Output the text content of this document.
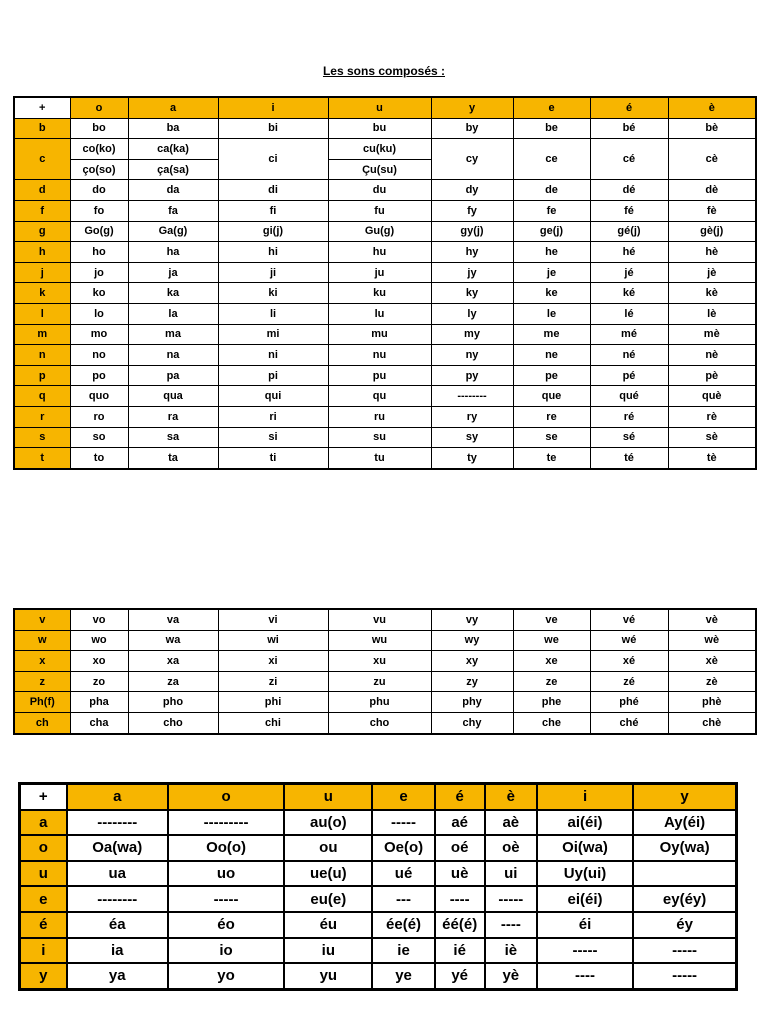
Les sons composés :
+	o	a	i	u	y	e	é	è
b	bo	ba	bi	bu	by	be	bé	bè
c	co(ko)	ca(ka)	ci	cu(ku)	cy	ce	cé	cè
	ço(so)	ça(sa)		Çu(su)				
d	do	da	di	du	dy	de	dé	dè
f	fo	fa	fi	fu	fy	fe	fé	fè
g	Go(g)	Ga(g)	gi(j)	Gu(g)	gy(j)	ge(j)	gé(j)	gè(j)
h	ho	ha	hi	hu	hy	he	hé	hè
j	jo	ja	ji	ju	jy	je	jé	jè
k	ko	ka	ki	ku	ky	ke	ké	kè
l	lo	la	li	lu	ly	le	lé	lè
m	mo	ma	mi	mu	my	me	mé	mè
n	no	na	ni	nu	ny	ne	né	nè
p	po	pa	pi	pu	py	pe	pé	pè
q	quo	qua	qui	qu	--------	que	qué	què
r	ro	ra	ri	ru	ry	re	ré	rè
s	so	sa	si	su	sy	se	sé	sè
t	to	ta	ti	tu	ty	te	té	tè
v	vo	va	vi	vu	vy	ve	vé	vè
w	wo	wa	wi	wu	wy	we	wé	wè
x	xo	xa	xi	xu	xy	xe	xé	xè
z	zo	za	zi	zu	zy	ze	zé	zè
Ph(f)	pha	pho	phi	phu	phy	phe	phé	phè
ch	cha	cho	chi	cho	chy	che	ché	chè
+	a	o	u	e	é	è	i	y
a	--------	---------	au(o)	-----	aé	aè	ai(éi)	Ay(éi)
o	Oa(wa)	Oo(o)	ou	Oe(o)	oé	oè	Oi(wa)	Oy(wa)
u	ua	uo	ue(u)	ué	uè	ui	Uy(ui)	
e	--------	-----	eu(e)	---	----	-----	ei(éi)	ey(éy)
é	éa	éo	éu	ée(é)	éé(é)	----	éi	éy
i	ia	io	iu	ie	ié	iè	-----	-----
y	ya	yo	yu	ye	yé	yè	----	-----
